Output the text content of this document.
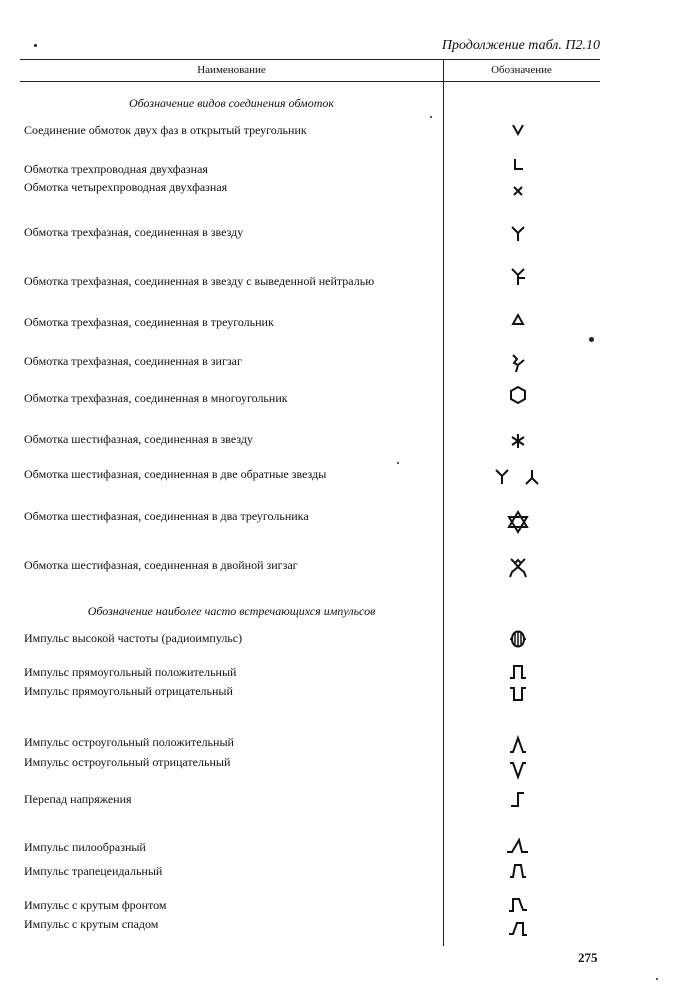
Продолжение табл. П2.10
Наименование	Обозначение
Обозначение видов соединения обмоток
Соединение обмоток двух фаз в открытый треугольник
Обмотка трехпроводная двухфазная
Обмотка четырехпроводная двухфазная
Обмотка трехфазная, соединенная в звезду
Обмотка трехфазная, соединенная в звезду с выведенной нейтралью
Обмотка трехфазная, соединенная в треугольник
Обмотка трехфазная, соединенная в зигзаг
Обмотка трехфазная, соединенная в многоугольник
Обмотка шестифазная, соединенная в звезду
Обмотка шестифазная, соединенная в две обратные звезды
Обмотка шестифазная, соединенная в два треугольника
Обмотка шестифазная, соединенная в двойной зигзаг
Обозначение наиболее часто встречающихся импульсов
Импульс высокой частоты (радиоимпульс)
Импульс прямоугольный положительный
Импульс прямоугольный отрицательный
Импульс остроугольный положительный
Импульс остроугольный отрицательный
Перепад напряжения
Импульс пилообразный
Импульс трапецеидальный
Импульс с крутым фронтом
Импульс с крутым спадом
275
